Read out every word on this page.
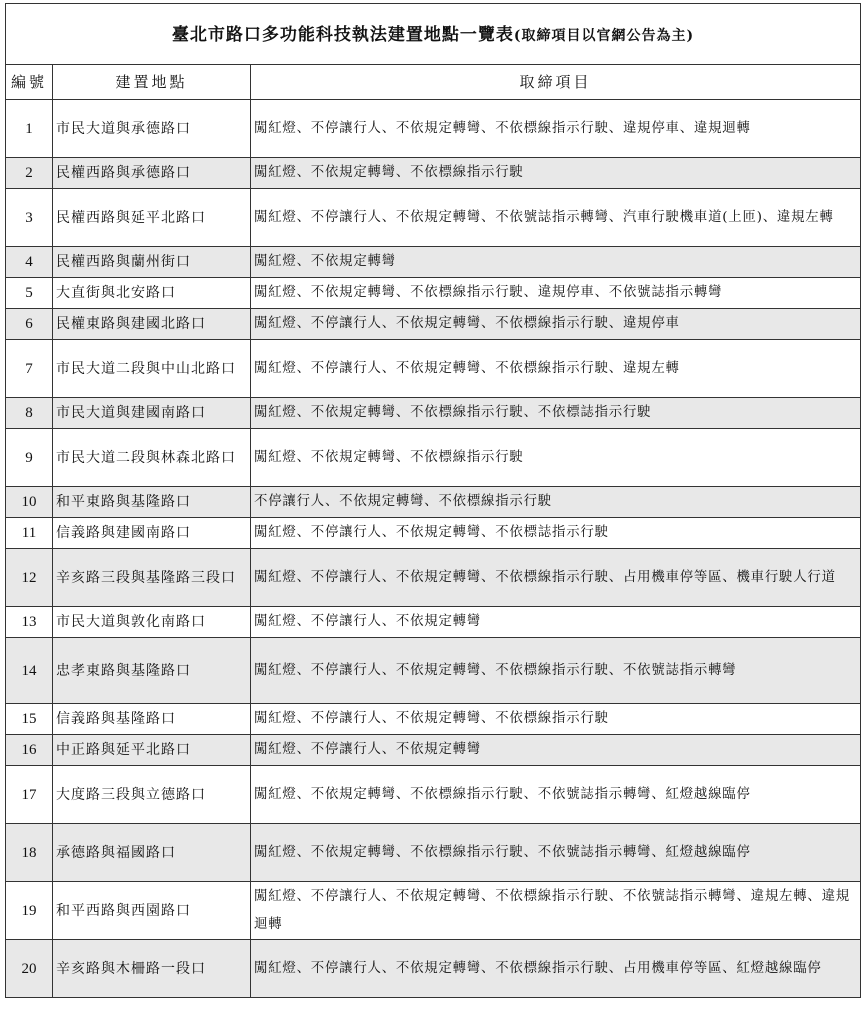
臺北市路口多功能科技執法建置地點一覽表(取締項目以官網公告為主)		
編號	建置地點	取締項目
1	市民大道與承德路口	闖紅燈、不停讓行人、不依規定轉彎、不依標線指示行駛、違規停車、違規迴轉
2	民權西路與承德路口	闖紅燈、不依規定轉彎、不依標線指示行駛
3	民權西路與延平北路口	闖紅燈、不停讓行人、不依規定轉彎、不依號誌指示轉彎、汽車行駛機車道(上匝)、違規左轉
4	民權西路與蘭州街口	闖紅燈、不依規定轉彎
5	大直街與北安路口	闖紅燈、不依規定轉彎、不依標線指示行駛、違規停車、不依號誌指示轉彎
6	民權東路與建國北路口	闖紅燈、不停讓行人、不依規定轉彎、不依標線指示行駛、違規停車
7	市民大道二段與中山北路口	闖紅燈、不停讓行人、不依規定轉彎、不依標線指示行駛、違規左轉
8	市民大道與建國南路口	闖紅燈、不依規定轉彎、不依標線指示行駛、不依標誌指示行駛
9	市民大道二段與林森北路口	闖紅燈、不依規定轉彎、不依標線指示行駛
10	和平東路與基隆路口	不停讓行人、不依規定轉彎、不依標線指示行駛
11	信義路與建國南路口	闖紅燈、不停讓行人、不依規定轉彎、不依標誌指示行駛
12	辛亥路三段與基隆路三段口	闖紅燈、不停讓行人、不依規定轉彎、不依標線指示行駛、占用機車停等區、機車行駛人行道
13	市民大道與敦化南路口	闖紅燈、不停讓行人、不依規定轉彎
14	忠孝東路與基隆路口	闖紅燈、不停讓行人、不依規定轉彎、不依標線指示行駛、不依號誌指示轉彎
15	信義路與基隆路口	闖紅燈、不停讓行人、不依規定轉彎、不依標線指示行駛
16	中正路與延平北路口	闖紅燈、不停讓行人、不依規定轉彎
17	大度路三段與立德路口	闖紅燈、不依規定轉彎、不依標線指示行駛、不依號誌指示轉彎、紅燈越線臨停
18	承德路與福國路口	闖紅燈、不依規定轉彎、不依標線指示行駛、不依號誌指示轉彎、紅燈越線臨停
19	和平西路與西園路口	闖紅燈、不停讓行人、不依規定轉彎、不依標線指示行駛、不依號誌指示轉彎、違規左轉、違規迴轉
20	辛亥路與木柵路一段口	闖紅燈、不停讓行人、不依規定轉彎、不依標線指示行駛、占用機車停等區、紅燈越線臨停
